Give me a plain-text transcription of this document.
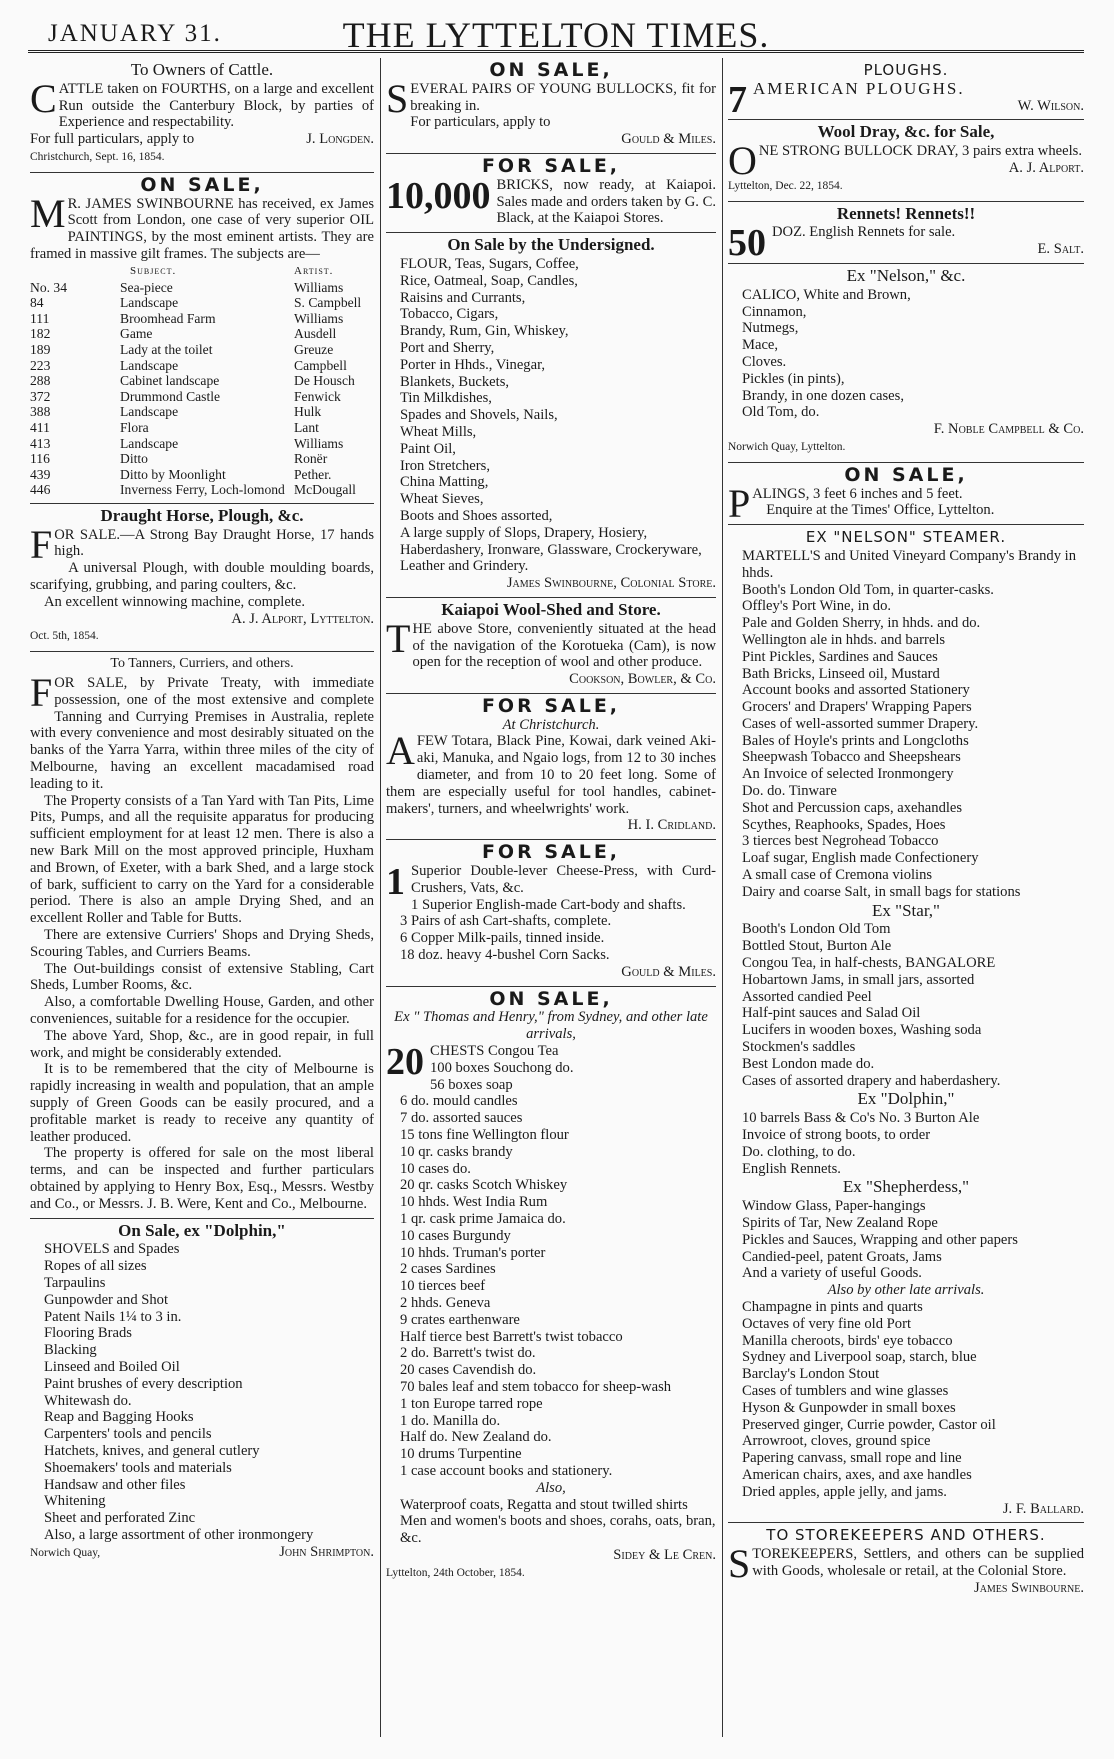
JANUARY 31.	THE LYTTELTON TIMES.
To Owners of Cattle.

CATTLE taken on FOURTHS, on a large and excellent Run outside the Canterbury Block, by parties of Experience and respectability.

For full particulars, apply to	J. Longden.

Christchurch, Sept. 16, 1854.
ON SALE,

MR. JAMES SWINBOURNE has received, ex James Scott from London, one case of very superior OIL PAINTINGS, by the most eminent artists. They are framed in massive gilt frames. The subjects are—

Subject.	Artist.
No. 34	Sea-piece	Williams
84	Landscape	S. Campbell
111	Broomhead Farm	Williams
182	Game	Ausdell
189	Lady at the toilet	Greuze
223	Landscape	Campbell
288	Cabinet landscape	De Housch
372	Drummond Castle	Fenwick
388	Landscape	Hulk
411	Flora	Lant
413	Landscape	Williams
116	Ditto	Ronër
439	Ditto by Moonlight	Pether.
446	Inverness Ferry, Loch-lomond McDougall
Draught Horse, Plough, &c.

FOR SALE.—A Strong Bay Draught Horse, 17 hands high.

A universal Plough, with double moulding boards, scarifying, grubbing, and paring coulters, &c.

An excellent winnowing machine, complete.

A. J. Alport, Lyttelton.

Oct. 5th, 1854.
To Tanners, Curriers, and others.

FOR SALE, by Private Treaty, with immediate possession, one of the most extensive and complete Tanning and Currying Premises in Australia, replete with every convenience and most desirably situated on the banks of the Yarra Yarra, within three miles of the city of Melbourne, having an excellent macadamised road leading to it.

The Property consists of a Tan Yard with Tan Pits, Lime Pits, Pumps, and all the requisite apparatus for producing sufficient employment for at least 12 men. There is also a new Bark Mill on the most approved principle, Huxham and Brown, of Exeter, with a bark Shed, and a large stock of bark, sufficient to carry on the Yard for a considerable period. There is also an ample Drying Shed, and an excellent Roller and Table for Butts.

There are extensive Curriers' Shops and Drying Sheds, Scouring Tables, and Curriers Beams.

The Out-buildings consist of extensive Stabling, Cart Sheds, Lumber Rooms, &c.

Also, a comfortable Dwelling House, Garden, and other conveniences, suitable for a residence for the occupier.

The above Yard, Shop, &c., are in good repair, in full work, and might be considerably extended.

It is to be remembered that the city of Melbourne is rapidly increasing in wealth and population, that an ample supply of Green Goods can be easily procured, and a profitable market is ready to receive any quantity of leather produced.

The property is offered for sale on the most liberal terms, and can be inspected and further particulars obtained by applying to Henry Box, Esq., Messrs. Westby and Co., or Messrs. J. B. Were, Kent and Co., Melbourne.

On Sale, ex "Dolphin,"
SHOVELS and Spades
Ropes of all sizes
Tarpaulins
Gunpowder and Shot
Patent Nails 1¼ to 3 in.
Flooring Brads
Blacking
Linseed and Boiled Oil
Paint brushes of every description
Whitewash do.
Reap and Bagging Hooks
Carpenters' tools and pencils
Hatchets, knives, and general cutlery
Shoemakers' tools and materials
Handsaw and other files
Whitening
Sheet and perforated Zinc
Also, a large assortment of other ironmongery
Norwich Quay,	John Shrimpton.
ON SALE,

SEVERAL PAIRS OF YOUNG BULLOCKS, fit for breaking in.

For particulars, apply to

Gould & Miles.

FOR SALE,
10,000 BRICKS, now ready, at Kaiapoi. Sales made and orders taken by G. C. Black, at the Kaiapoi Stores.

On Sale by the Undersigned.
FLOUR, Teas, Sugars, Coffee,
Rice, Oatmeal, Soap, Candles,
Raisins and Currants,
Tobacco, Cigars,
Brandy, Rum, Gin, Whiskey,
Port and Sherry,
Porter in Hhds., Vinegar,
Blankets, Buckets,
Tin Milkdishes,
Spades and Shovels, Nails,
Wheat Mills,
Paint Oil,
Iron Stretchers,
China Matting,
Wheat Sieves,
Boots and Shoes assorted,
A large supply of Slops, Drapery, Hosiery, Haberdashery, Ironware, Glassware, Crockeryware, Leather and Grindery.

James Swinbourne, Colonial Store.

Kaiapoi Wool-Shed and Store.

THE above Store, conveniently situated at the head of the navigation of the Korotueka (Cam), is now open for the reception of wool and other produce.

Cookson, Bowler, & Co.

FOR SALE,

At Christchurch.

AFEW Totara, Black Pine, Kowai, dark veined Aki-aki, Manuka, and Ngaio logs, from 12 to 30 inches diameter, and from 10 to 20 feet long. Some of them are especially useful for tool handles, cabinet-makers', turners, and wheelwrights' work.

H. I. Cridland.

FOR SALE,
1 Superior Double-lever Cheese-Press, with Curd-Crushers, Vats, &c.

1 Superior English-made Cart-body and shafts.
3 Pairs of ash Cart-shafts, complete.
6 Copper Milk-pails, tinned inside.
18 doz. heavy 4-bushel Corn Sacks.

Gould & Miles.

ON SALE,

Ex " Thomas and Henry," from Sydney, and other late arrivals,

20 CHESTS Congou Tea

100 boxes Souchong do.
56 boxes soap
6 do. mould candles
7 do. assorted sauces
15 tons fine Wellington flour
10 qr. casks brandy
10 cases do.
20 qr. casks Scotch Whiskey
10 hhds. West India Rum
1 qr. cask prime Jamaica do.
10 cases Burgundy
10 hhds. Truman's porter
2 cases Sardines
10 tierces beef
2 hhds. Geneva
9 crates earthenware
Half tierce best Barrett's twist tobacco
2 do. Barrett's twist do.
20 cases Cavendish do.
70 bales leaf and stem tobacco for sheep-wash
1 ton Europe tarred rope
1 do. Manilla do.
Half do. New Zealand do.
10 drums Turpentine
1 case account books and stationery.

Also,

Waterproof coats, Regatta and stout twilled shirts
Men and women's boots and shoes, corahs, oats, bran, &c.

Sidey & Le Cren.

Lyttelton, 24th October, 1854.
PLOUGHS.
7 AMERICAN PLOUGHS.

W. Wilson.

Wool Dray, &c. for Sale,

ONE STRONG BULLOCK DRAY, 3 pairs extra wheels.

A. J. Alport.

Lyttelton, Dec. 22, 1854.
Rennets! Rennets!!
50 DOZ. English Rennets for sale.

E. Salt.

Ex "Nelson," &c.
CALICO, White and Brown,
Cinnamon,
Nutmegs,
Mace,
Cloves.
Pickles (in pints),
Brandy, in one dozen cases,
Old Tom, do.

F. Noble Campbell & Co.

Norwich Quay, Lyttelton.
ON SALE,

PALINGS, 3 feet 6 inches and 5 feet.

Enquire at the Times' Office, Lyttelton.

EX "NELSON" STEAMER.
MARTELL'S and United Vineyard Company's Brandy in hhds.
Booth's London Old Tom, in quarter-casks.
Offley's Port Wine, in do.
Pale and Golden Sherry, in hhds. and do.
Wellington ale in hhds. and barrels
Pint Pickles, Sardines and Sauces
Bath Bricks, Linseed oil, Mustard
Account books and assorted Stationery
Grocers' and Drapers' Wrapping Papers
Cases of well-assorted summer Drapery.
Bales of Hoyle's prints and Longcloths
Sheepwash Tobacco and Sheepshears
An Invoice of selected Ironmongery
Do. do. Tinware
Shot and Percussion caps, axehandles
Scythes, Reaphooks, Spades, Hoes
3 tierces best Negrohead Tobacco
Loaf sugar, English made Confectionery
A small case of Cremona violins
Dairy and coarse Salt, in small bags for stations
Ex "Star,"
Booth's London Old Tom
Bottled Stout, Burton Ale
Congou Tea, in half-chests, BANGALORE
Hobartown Jams, in small jars, assorted
Assorted candied Peel
Half-pint sauces and Salad Oil
Lucifers in wooden boxes, Washing soda
Stockmen's saddles
Best London made do.
Cases of assorted drapery and haberdashery.
Ex "Dolphin,"
10 barrels Bass & Co's No. 3 Burton Ale
Invoice of strong boots, to order
Do. clothing, to do.
English Rennets.
Ex "Shepherdess,"
Window Glass, Paper-hangings
Spirits of Tar, New Zealand Rope
Pickles and Sauces, Wrapping and other papers
Candied-peel, patent Groats, Jams
And a variety of useful Goods.

Also by other late arrivals.

Champagne in pints and quarts
Octaves of very fine old Port
Manilla cheroots, birds' eye tobacco
Sydney and Liverpool soap, starch, blue
Barclay's London Stout
Cases of tumblers and wine glasses
Hyson & Gunpowder in small boxes
Preserved ginger, Currie powder, Castor oil
Arrowroot, cloves, ground spice
Papering canvass, small rope and line
American chairs, axes, and axe handles
Dried apples, apple jelly, and jams.

J. F. Ballard.

TO STOREKEEPERS AND OTHERS.

STOREKEEPERS, Settlers, and others can be supplied with Goods, wholesale or retail, at the Colonial Store.

James Swinbourne.
